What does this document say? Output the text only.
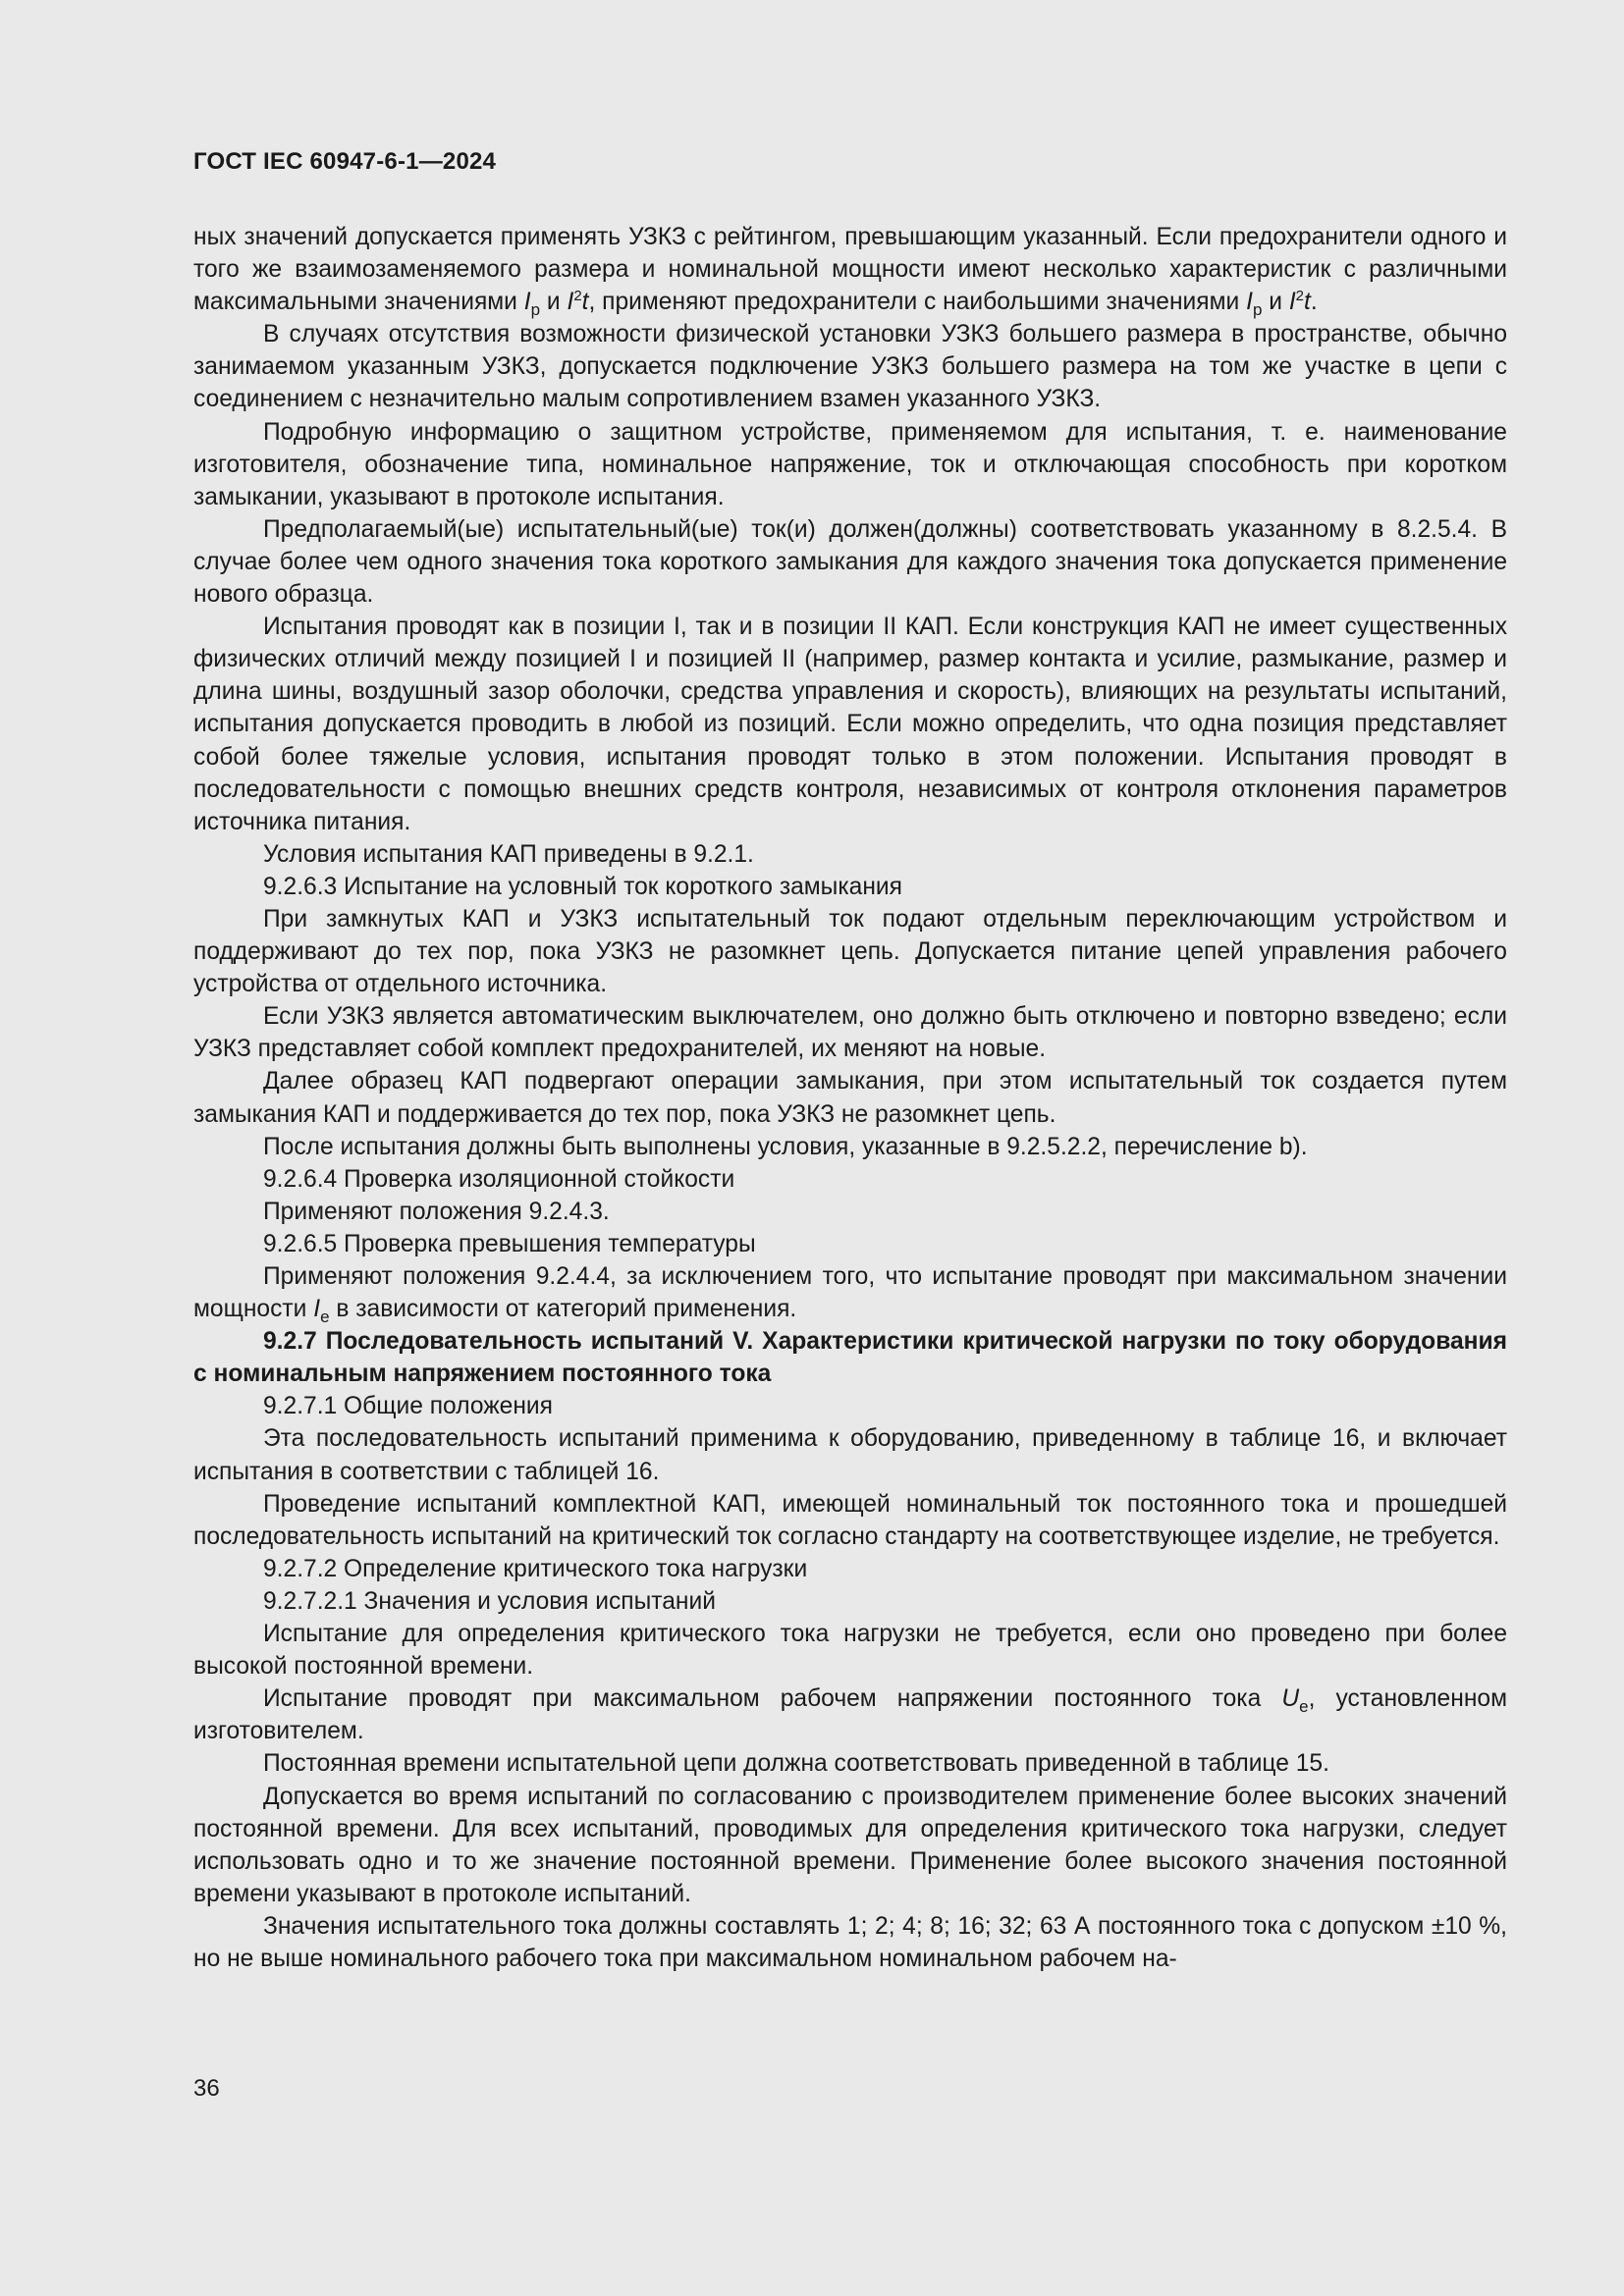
ГОСТ IEC 60947-6-1—2024

ных значений допускается применять УЗКЗ с рейтингом, превышающим указанный. Если предохранители одного и того же взаимозаменяемого размера и номинальной мощности имеют несколько характеристик с различными максимальными значениями $I_p$ и $I^2t$, применяют предохранители с наибольшими значениями $I_p$ и $I^2t$.

В случаях отсутствия возможности физической установки УЗКЗ большего размера в пространстве, обычно занимаемом указанным УЗКЗ, допускается подключение УЗКЗ большего размера на том же участке в цепи с соединением с незначительно малым сопротивлением взамен указанного УЗКЗ.

Подробную информацию о защитном устройстве, применяемом для испытания, т. е. наименование изготовителя, обозначение типа, номинальное напряжение, ток и отключающая способность при коротком замыкании, указывают в протоколе испытания.

Предполагаемый(ые) испытательный(ые) ток(и) должен(должны) соответствовать указанному в 8.2.5.4. В случае более чем одного значения тока короткого замыкания для каждого значения тока допускается применение нового образца.

Испытания проводят как в позиции I, так и в позиции II КАП. Если конструкция КАП не имеет существенных физических отличий между позицией I и позицией II (например, размер контакта и усилие, размыкание, размер и длина шины, воздушный зазор оболочки, средства управления и скорость), влияющих на результаты испытаний, испытания допускается проводить в любой из позиций. Если можно определить, что одна позиция представляет собой более тяжелые условия, испытания проводят только в этом положении. Испытания проводят в последовательности с помощью внешних средств контроля, независимых от контроля отклонения параметров источника питания.

Условия испытания КАП приведены в 9.2.1.

9.2.6.3 Испытание на условный ток короткого замыкания

При замкнутых КАП и УЗКЗ испытательный ток подают отдельным переключающим устройством и поддерживают до тех пор, пока УЗКЗ не разомкнет цепь. Допускается питание цепей управления рабочего устройства от отдельного источника.

Если УЗКЗ является автоматическим выключателем, оно должно быть отключено и повторно взведено; если УЗКЗ представляет собой комплект предохранителей, их меняют на новые.

Далее образец КАП подвергают операции замыкания, при этом испытательный ток создается путем замыкания КАП и поддерживается до тех пор, пока УЗКЗ не разомкнет цепь.

После испытания должны быть выполнены условия, указанные в 9.2.5.2.2, перечисление b).

9.2.6.4 Проверка изоляционной стойкости

Применяют положения 9.2.4.3.

9.2.6.5 Проверка превышения температуры

Применяют положения 9.2.4.4, за исключением того, что испытание проводят при максимальном значении мощности $I_e$ в зависимости от категорий применения.

9.2.7 Последовательность испытаний V. Характеристики критической нагрузки по току оборудования с номинальным напряжением постоянного тока

9.2.7.1 Общие положения

Эта последовательность испытаний применима к оборудованию, приведенному в таблице 16, и включает испытания в соответствии с таблицей 16.

Проведение испытаний комплектной КАП, имеющей номинальный ток постоянного тока и прошедшей последовательность испытаний на критический ток согласно стандарту на соответствующее изделие, не требуется.

9.2.7.2 Определение критического тока нагрузки

9.2.7.2.1 Значения и условия испытаний

Испытание для определения критического тока нагрузки не требуется, если оно проведено при более высокой постоянной времени.

Испытание проводят при максимальном рабочем напряжении постоянного тока $U_e$, установленном изготовителем.

Постоянная времени испытательной цепи должна соответствовать приведенной в таблице 15.

Допускается во время испытаний по согласованию с производителем применение более высоких значений постоянной времени. Для всех испытаний, проводимых для определения критического тока нагрузки, следует использовать одно и то же значение постоянной времени. Применение более высокого значения постоянной времени указывают в протоколе испытаний.

Значения испытательного тока должны составлять 1; 2; 4; 8; 16; 32; 63 А постоянного тока с допуском ±10 %, но не выше номинального рабочего тока при максимальном номинальном рабочем на-

36
